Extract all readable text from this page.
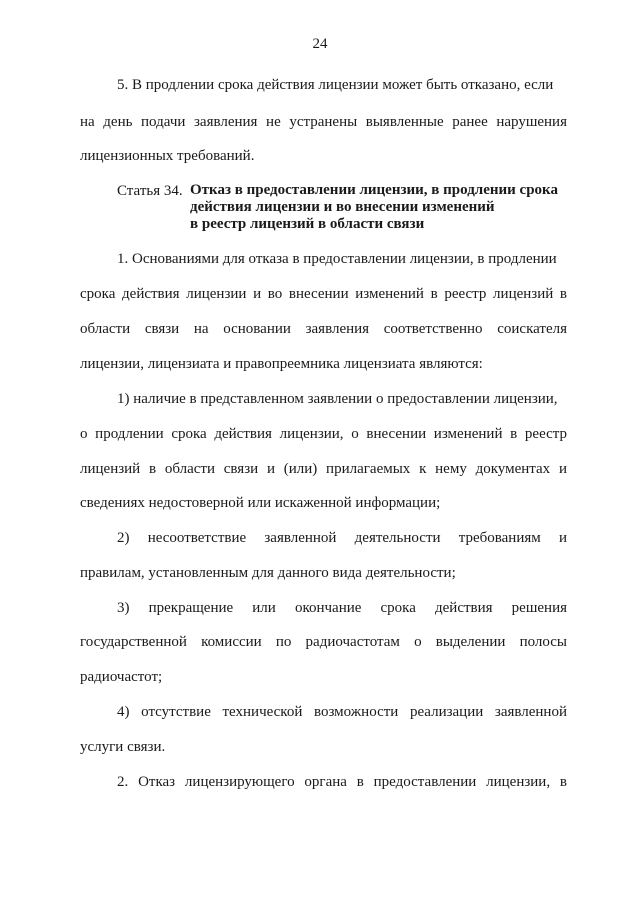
24
5. В продлении срока действия лицензии может быть отказано, если
на день подачи заявления не устранены выявленные ранее нарушения
лицензионных требований.
Статья 34. Отказ в предоставлении лицензии, в продлении срока
действия лицензии и во внесении изменений
в реестр лицензий в области связи
1. Основаниями для отказа в предоставлении лицензии, в продлении
срока действия лицензии и во внесении изменений в реестр лицензий в
области связи на основании заявления соответственно соискателя
лицензии, лицензиата и правопреемника лицензиата являются:
1) наличие в представленном заявлении о предоставлении лицензии,
о продлении срока действия лицензии, о внесении изменений в реестр
лицензий в области связи и (или) прилагаемых к нему документах и
сведениях недостоверной или искаженной информации;
2) несоответствие заявленной деятельности требованиям и
правилам, установленным для данного вида деятельности;
3) прекращение или окончание срока действия решения
государственной комиссии по радиочастотам о выделении полосы
радиочастот;
4) отсутствие технической возможности реализации заявленной
услуги связи.
2. Отказ лицензирующего органа в предоставлении лицензии, в
